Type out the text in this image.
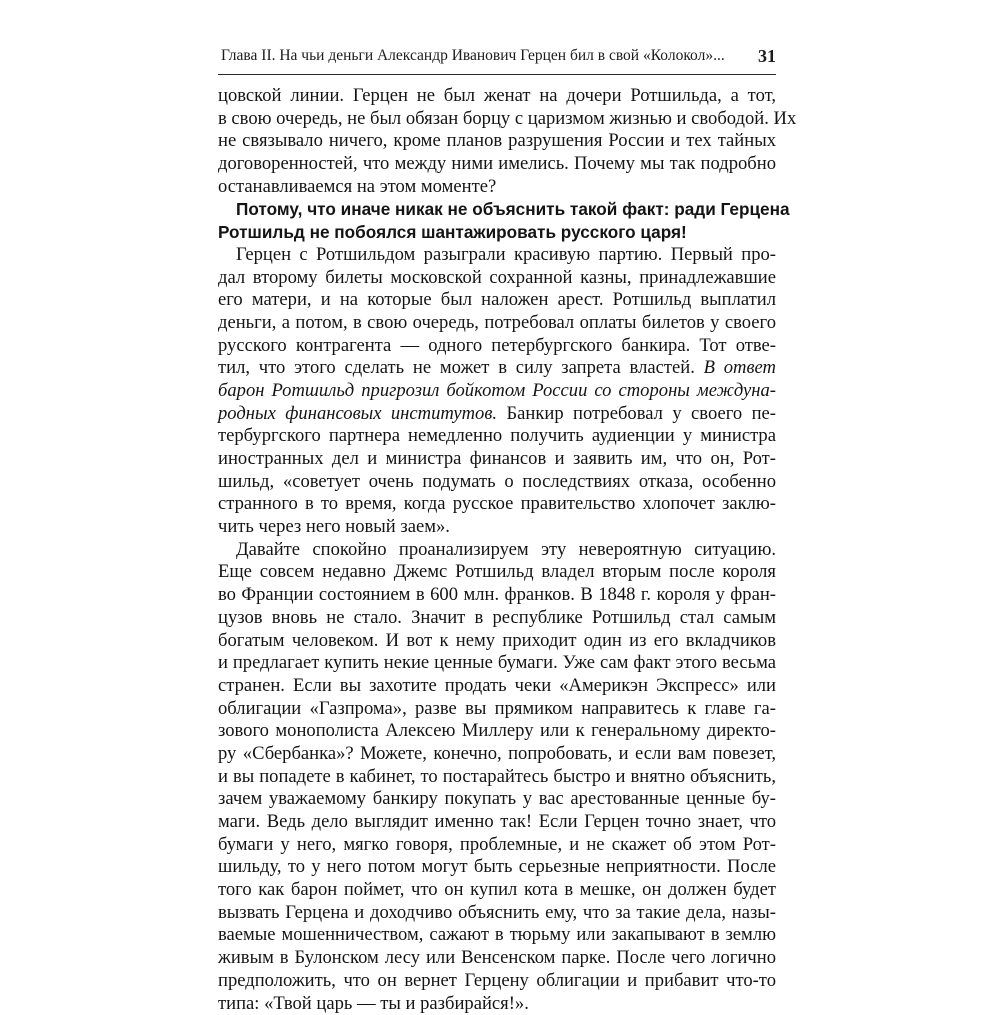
Глава II. На чьи деньги Александр Иванович Герцен бил в свой «Колокол»... 31
цовской линии. Герцен не был женат на дочери Ротшильда, а тот,
в свою очередь, не был обязан борцу с царизмом жизнью и свободой. Их
не связывало ничего, кроме планов разрушения России и тех тайных
договоренностей, что между ними имелись. Почему мы так подробно
останавливаемся на этом моменте?
Потому, что иначе никак не объяснить такой факт: ради Герцена
Ротшильд не побоялся шантажировать русского царя!
Герцен с Ротшильдом разыграли красивую партию. Первый про-
дал второму билеты московской сохранной казны, принадлежавшие
его матери, и на которые был наложен арест. Ротшильд выплатил
деньги, а потом, в свою очередь, потребовал оплаты билетов у своего
русского контрагента — одного петербургского банкира. Тот отве-
тил, что этого сделать не может в силу запрета властей. В ответ
барон Ротшильд пригрозил бойкотом России со стороны междуна-
родных финансовых институтов. Банкир потребовал у своего пе-
тербургского партнера немедленно получить аудиенции у министра
иностранных дел и министра финансов и заявить им, что он, Рот-
шильд, «советует очень подумать о последствиях отказа, особенно
странного в то время, когда русское правительство хлопочет заклю-
чить через него новый заем».
Давайте спокойно проанализируем эту невероятную ситуацию.
Еще совсем недавно Джемс Ротшильд владел вторым после короля
во Франции состоянием в 600 млн. франков. В 1848 г. короля у фран-
цузов вновь не стало. Значит в республике Ротшильд стал самым
богатым человеком. И вот к нему приходит один из его вкладчиков
и предлагает купить некие ценные бумаги. Уже сам факт этого весьма
странен. Если вы захотите продать чеки «Америкэн Экспресс» или
облигации «Газпрома», разве вы прямиком направитесь к главе га-
зового монополиста Алексею Миллеру или к генеральному директо-
ру «Сбербанка»? Можете, конечно, попробовать, и если вам повезет,
и вы попадете в кабинет, то постарайтесь быстро и внятно объяснить,
зачем уважаемому банкиру покупать у вас арестованные ценные бу-
маги. Ведь дело выглядит именно так! Если Герцен точно знает, что
бумаги у него, мягко говоря, проблемные, и не скажет об этом Рот-
шильду, то у него потом могут быть серьезные неприятности. После
того как барон поймет, что он купил кота в мешке, он должен будет
вызвать Герцена и доходчиво объяснить ему, что за такие дела, назы-
ваемые мошенничеством, сажают в тюрьму или закапывают в землю
живым в Булонском лесу или Венсенском парке. После чего логично
предположить, что он вернет Герцену облигации и прибавит что-то
типа: «Твой царь — ты и разбирайся!».
